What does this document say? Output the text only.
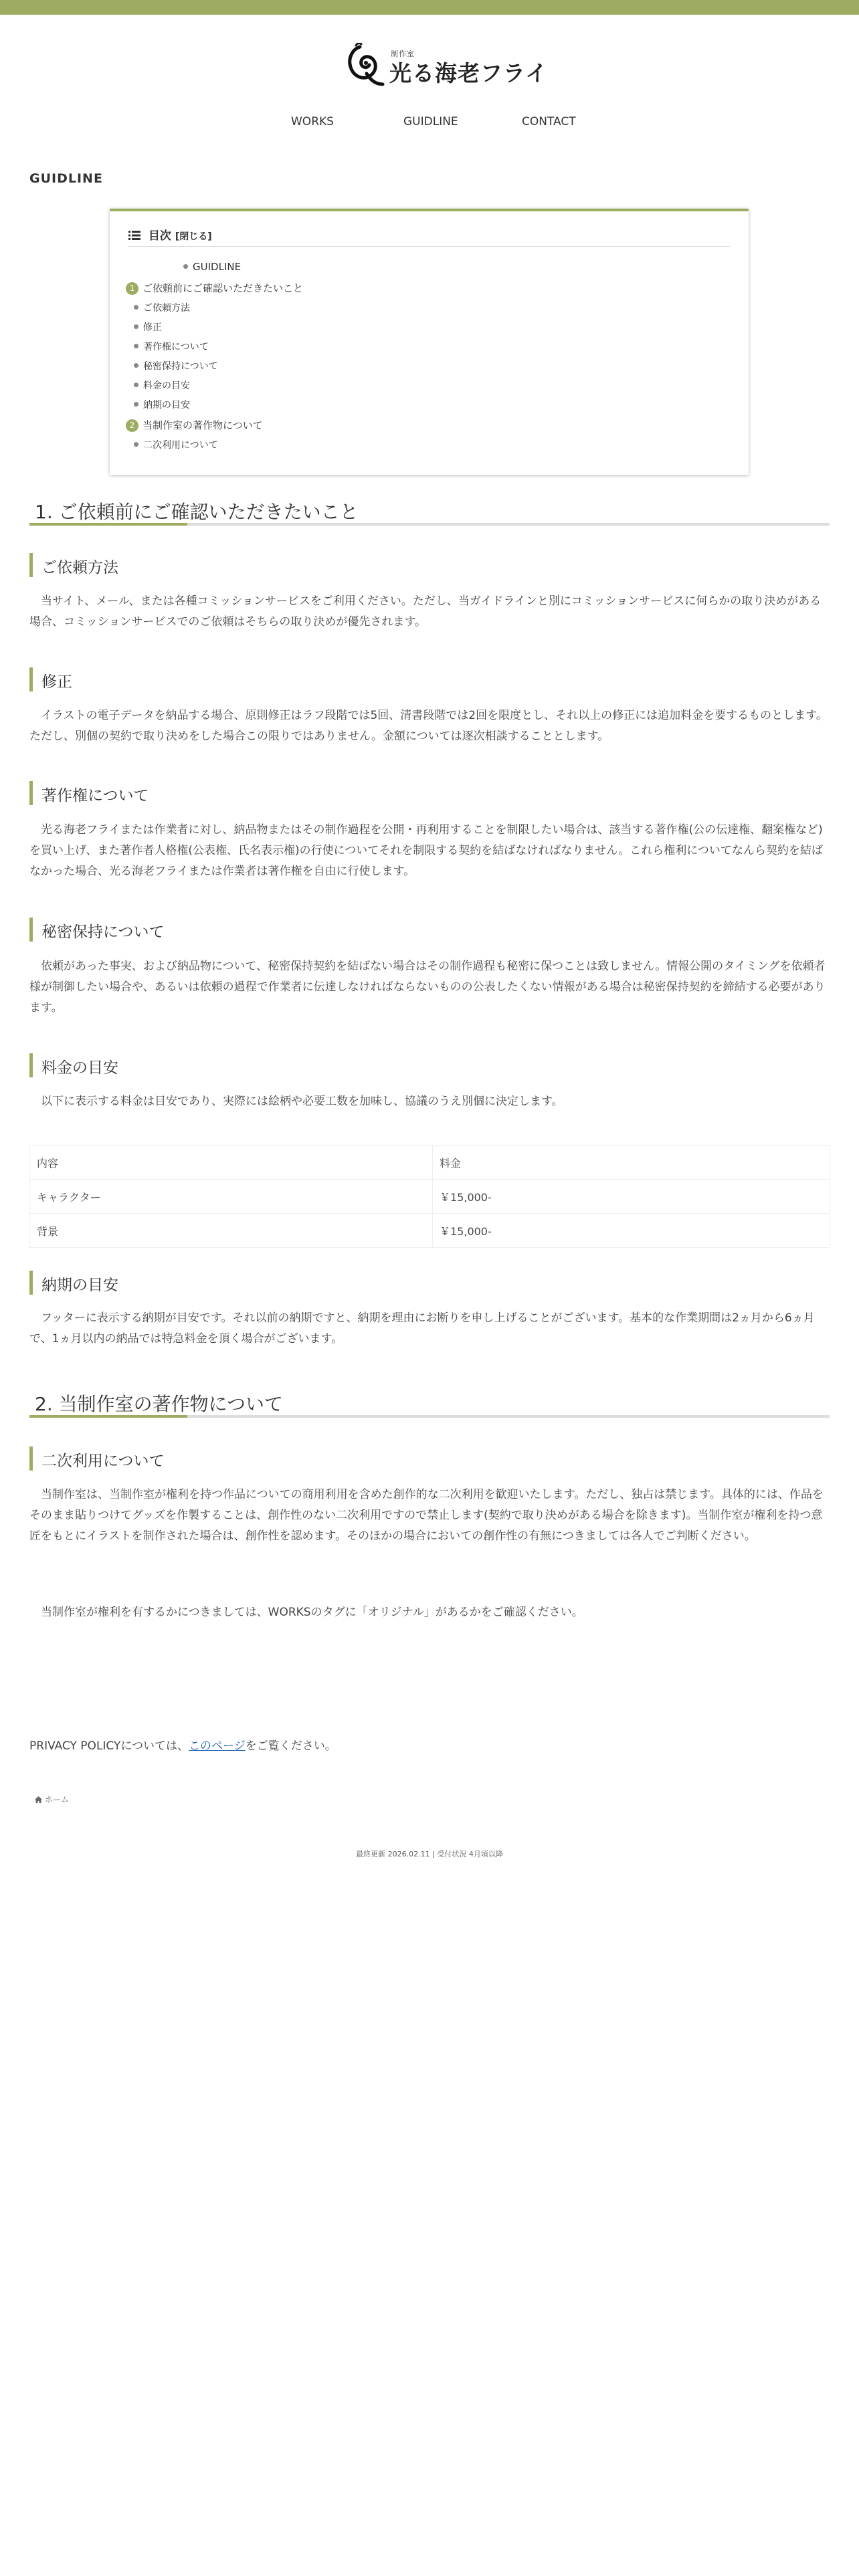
制作室
光る海老フライ
WORKS	GUIDLINE	CONTACT
GUIDLINE
目次 [閉じる]
GUIDLINE
1 ご依頼前にご確認いただきたいこと
ご依頼方法
修正
著作権について
秘密保持について
料金の目安
納期の目安
2 当制作室の著作物について
二次利用について
1. ご依頼前にご確認いただきたいこと
ご依頼方法

当サイト、メール、または各種コミッションサービスをご利用ください。ただし、当ガイドラインと別にコミッションサービスに何らかの取り決めがある場合、コミッションサービスでのご依頼はそちらの取り決めが優先されます。

修正

イラストの電子データを納品する場合、原則修正はラフ段階では5回、清書段階では2回を限度とし、それ以上の修正には追加料金を要するものとします。ただし、別個の契約で取り決めをした場合この限りではありません。金額については逐次相談することとします。

著作権について

光る海老フライまたは作業者に対し、納品物またはその制作過程を公開・再利用することを制限したい場合は、該当する著作権(公の伝達権、翻案権など)を買い上げ、また著作者人格権(公表権、氏名表示権)の行使についてそれを制限する契約を結ばなければなりません。これら権利についてなんら契約を結ばなかった場合、光る海老フライまたは作業者は著作権を自由に行使します。

秘密保持について

依頼があった事実、および納品物について、秘密保持契約を結ばない場合はその制作過程も秘密に保つことは致しません。情報公開のタイミングを依頼者様が制御したい場合や、あるいは依頼の過程で作業者に伝達しなければならないものの公表したくない情報がある場合は秘密保持契約を締結する必要があります。

料金の目安

以下に表示する料金は目安であり、実際には絵柄や必要工数を加味し、協議のうえ別個に決定します。

内容	料金
キャラクター	￥15,000-
背景	￥15,000-
納期の目安

フッターに表示する納期が目安です。それ以前の納期ですと、納期を理由にお断りを申し上げることがございます。基本的な作業期間は2ヵ月から6ヵ月で、1ヵ月以内の納品では特急料金を頂く場合がございます。

2. 当制作室の著作物について
二次利用について

当制作室は、当制作室が権利を持つ作品についての商用利用を含めた創作的な二次利用を歓迎いたします。ただし、独占は禁じます。具体的には、作品をそのまま貼りつけてグッズを作製することは、創作性のない二次利用ですので禁止します(契約で取り決めがある場合を除きます)。当制作室が権利を持つ意匠をもとにイラストを制作された場合は、創作性を認めます。そのほかの場合においての創作性の有無につきましては各人でご判断ください。

当制作室が権利を有するかにつきましては、WORKSのタグに「オリジナル」があるかをご確認ください。

PRIVACY POLICYについては、このページをご覧ください。
ホーム
最終更新 2026.02.11 | 受付状況 4月頃以降
